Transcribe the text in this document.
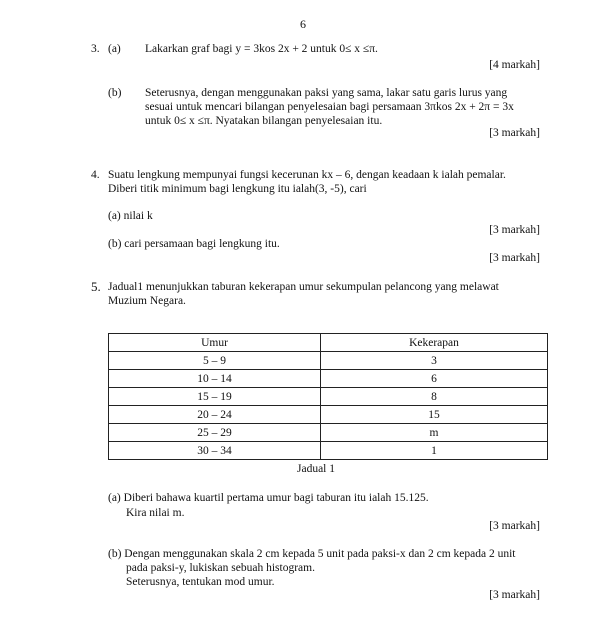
6
3. (a) Lakarkan graf bagi y = 3kos 2x + 2 untuk 0≤ x ≤π.
[4 markah]
(b) Seterusnya, dengan menggunakan paksi yang sama, lakar satu garis lurus yang
sesuai untuk mencari bilangan penyelesaian bagi persamaan 3πkos 2x + 2π = 3x
untuk 0≤ x ≤π. Nyatakan bilangan penyelesaian itu.
[3 markah]
4. Suatu lengkung mempunyai fungsi kecerunan kx – 6, dengan keadaan k ialah pemalar.
Diberi titik minimum bagi lengkung itu ialah(3, -5), cari
(a) nilai k
[3 markah]
(b) cari persamaan bagi lengkung itu.
[3 markah]
5. Jadual1 menunjukkan taburan kekerapan umur sekumpulan pelancong yang melawat
Muzium Negara.
Umur	Kekerapan
5 – 9	3
10 – 14	6
15 – 19	8
20 – 24	15
25 – 29	m
30 – 34	1
Jadual 1
(a) Diberi bahawa kuartil pertama umur bagi taburan itu ialah 15.125.
Kira nilai m.
[3 markah]
(b) Dengan menggunakan skala 2 cm kepada 5 unit pada paksi-x dan 2 cm kepada 2 unit
pada paksi-y, lukiskan sebuah histogram.
Seterusnya, tentukan mod umur.
[3 markah]
